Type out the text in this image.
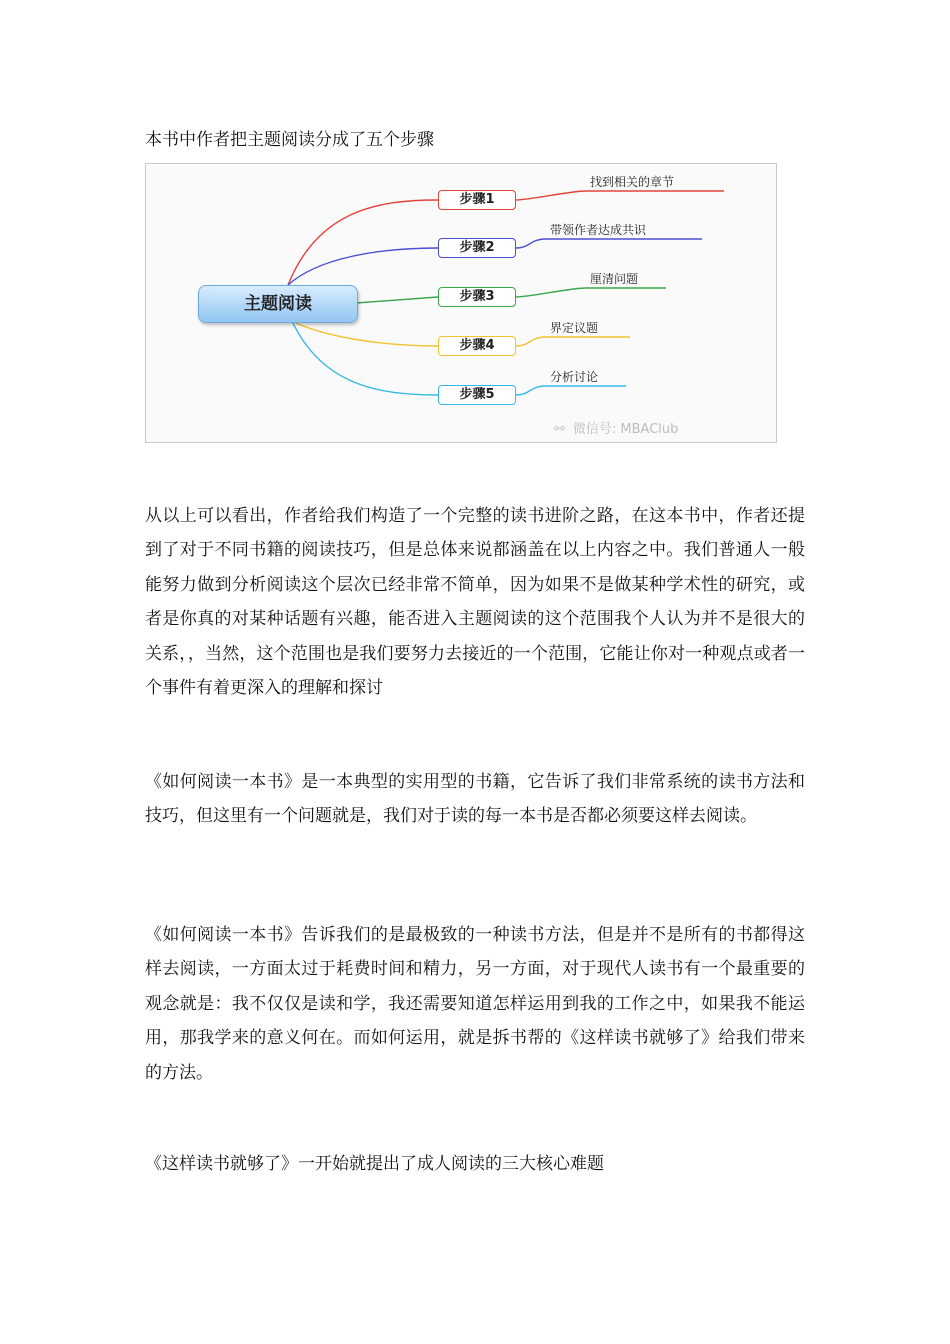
本书中作者把主题阅读分成了五个步骤

主题阅读
步骤1
步骤2
步骤3
步骤4
步骤5
找到相关的章节
带领作者达成共识
厘清问题
界定议题
分析讨论
⚯ 微信号: MBAClub

从以上可以看出，作者给我们构造了一个完整的读书进阶之路，在这本书中，作者还提到了对于不同书籍的阅读技巧，但是总体来说都涵盖在以上内容之中。我们普通人一般能努力做到分析阅读这个层次已经非常不简单，因为如果不是做某种学术性的研究，或者是你真的对某种话题有兴趣，能否进入主题阅读的这个范围我个人认为并不是很大的关系，，当然，这个范围也是我们要努力去接近的一个范围，它能让你对一种观点或者一个事件有着更深入的理解和探讨

《如何阅读一本书》是一本典型的实用型的书籍，它告诉了我们非常系统的读书方法和技巧，但这里有一个问题就是，我们对于读的每一本书是否都必须要这样去阅读。

《如何阅读一本书》告诉我们的是最极致的一种读书方法，但是并不是所有的书都得这样去阅读，一方面太过于耗费时间和精力，另一方面，对于现代人读书有一个最重要的观念就是：我不仅仅是读和学，我还需要知道怎样运用到我的工作之中，如果我不能运用，那我学来的意义何在。而如何运用，就是拆书帮的《这样读书就够了》给我们带来的方法。

《这样读书就够了》一开始就提出了成人阅读的三大核心难题
